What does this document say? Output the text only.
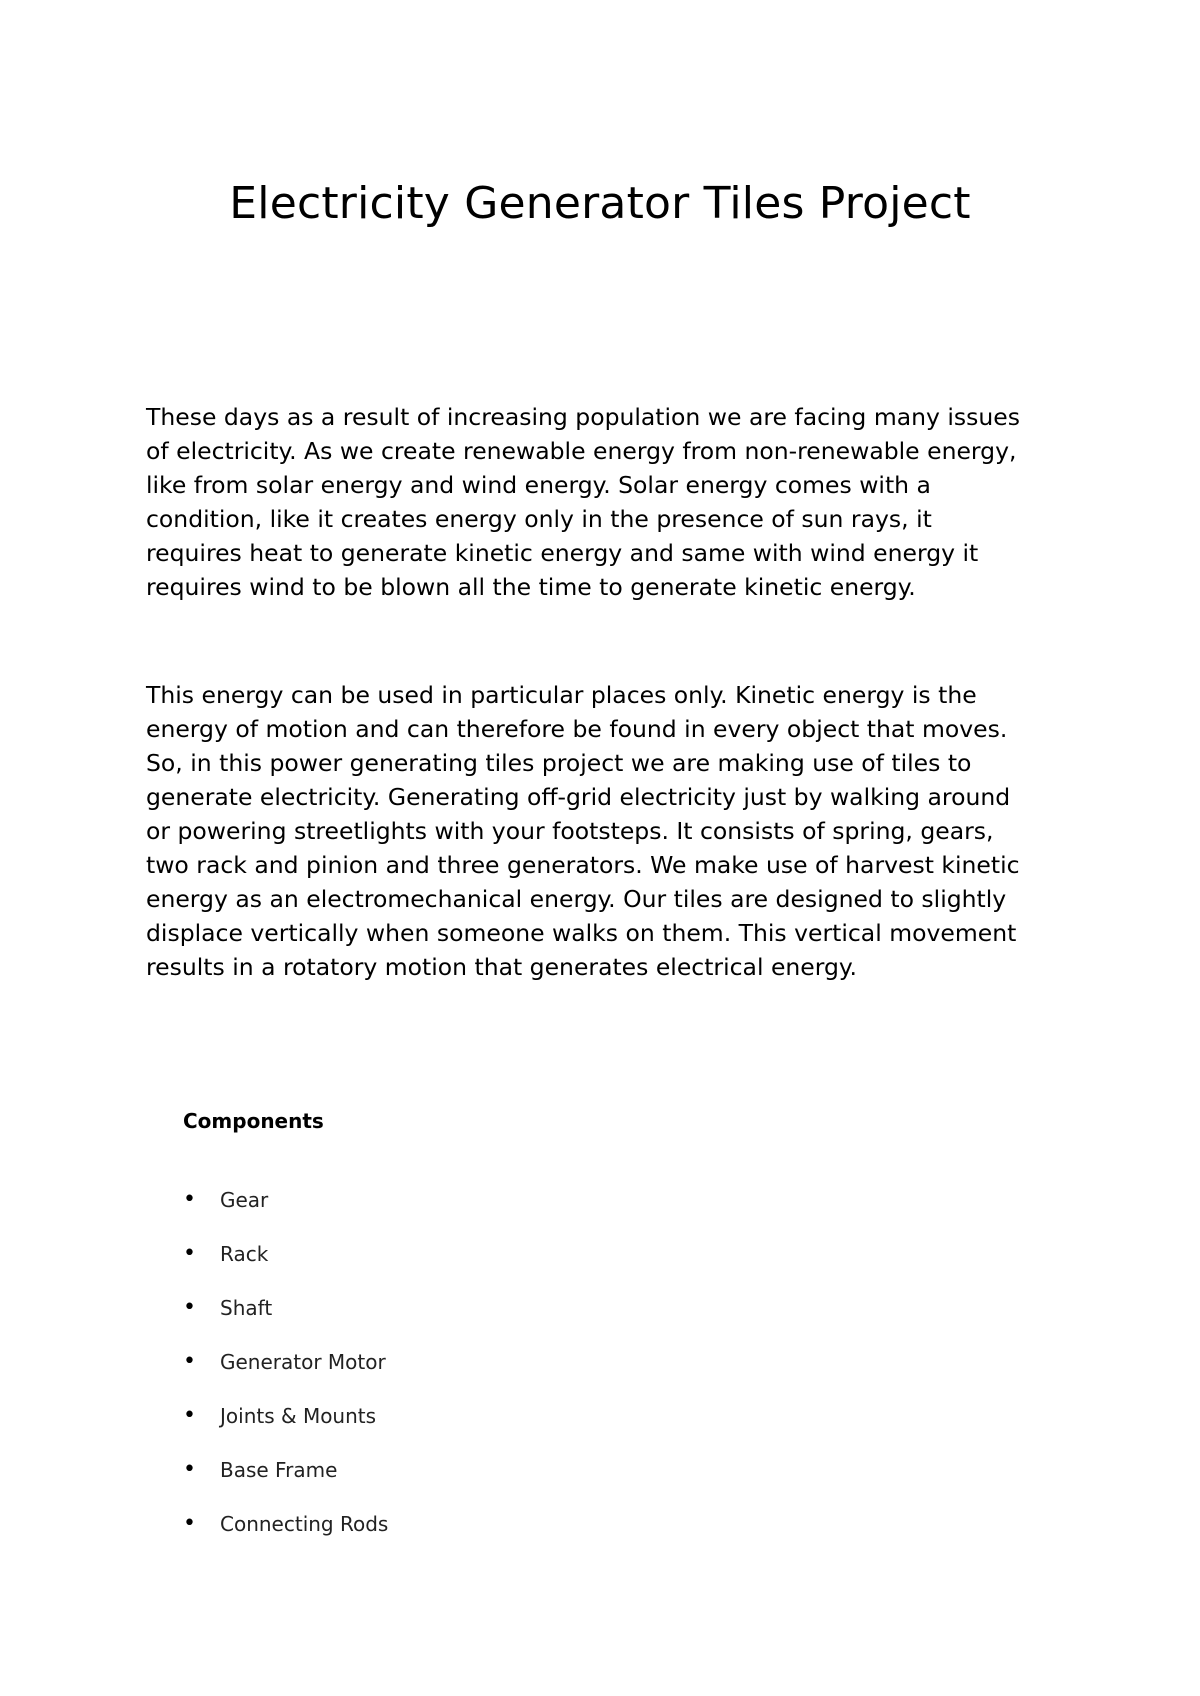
Electricity Generator Tiles Project

These days as a result of increasing population we are facing many issues
of electricity. As we create renewable energy from non-renewable energy,
like from solar energy and wind energy. Solar energy comes with a
condition, like it creates energy only in the presence of sun rays, it
requires heat to generate kinetic energy and same with wind energy it
requires wind to be blown all the time to generate kinetic energy.

This energy can be used in particular places only. Kinetic energy is the
energy of motion and can therefore be found in every object that moves.
So, in this power generating tiles project we are making use of tiles to
generate electricity. Generating off-grid electricity just by walking around
or powering streetlights with your footsteps. It consists of spring, gears,
two rack and pinion and three generators. We make use of harvest kinetic
energy as an electromechanical energy. Our tiles are designed to slightly
displace vertically when someone walks on them. This vertical movement
results in a rotatory motion that generates electrical energy.

Components
•	Gear
•	Rack
•	Shaft
•	Generator Motor
•	Joints & Mounts
•	Base Frame
•	Connecting Rods
